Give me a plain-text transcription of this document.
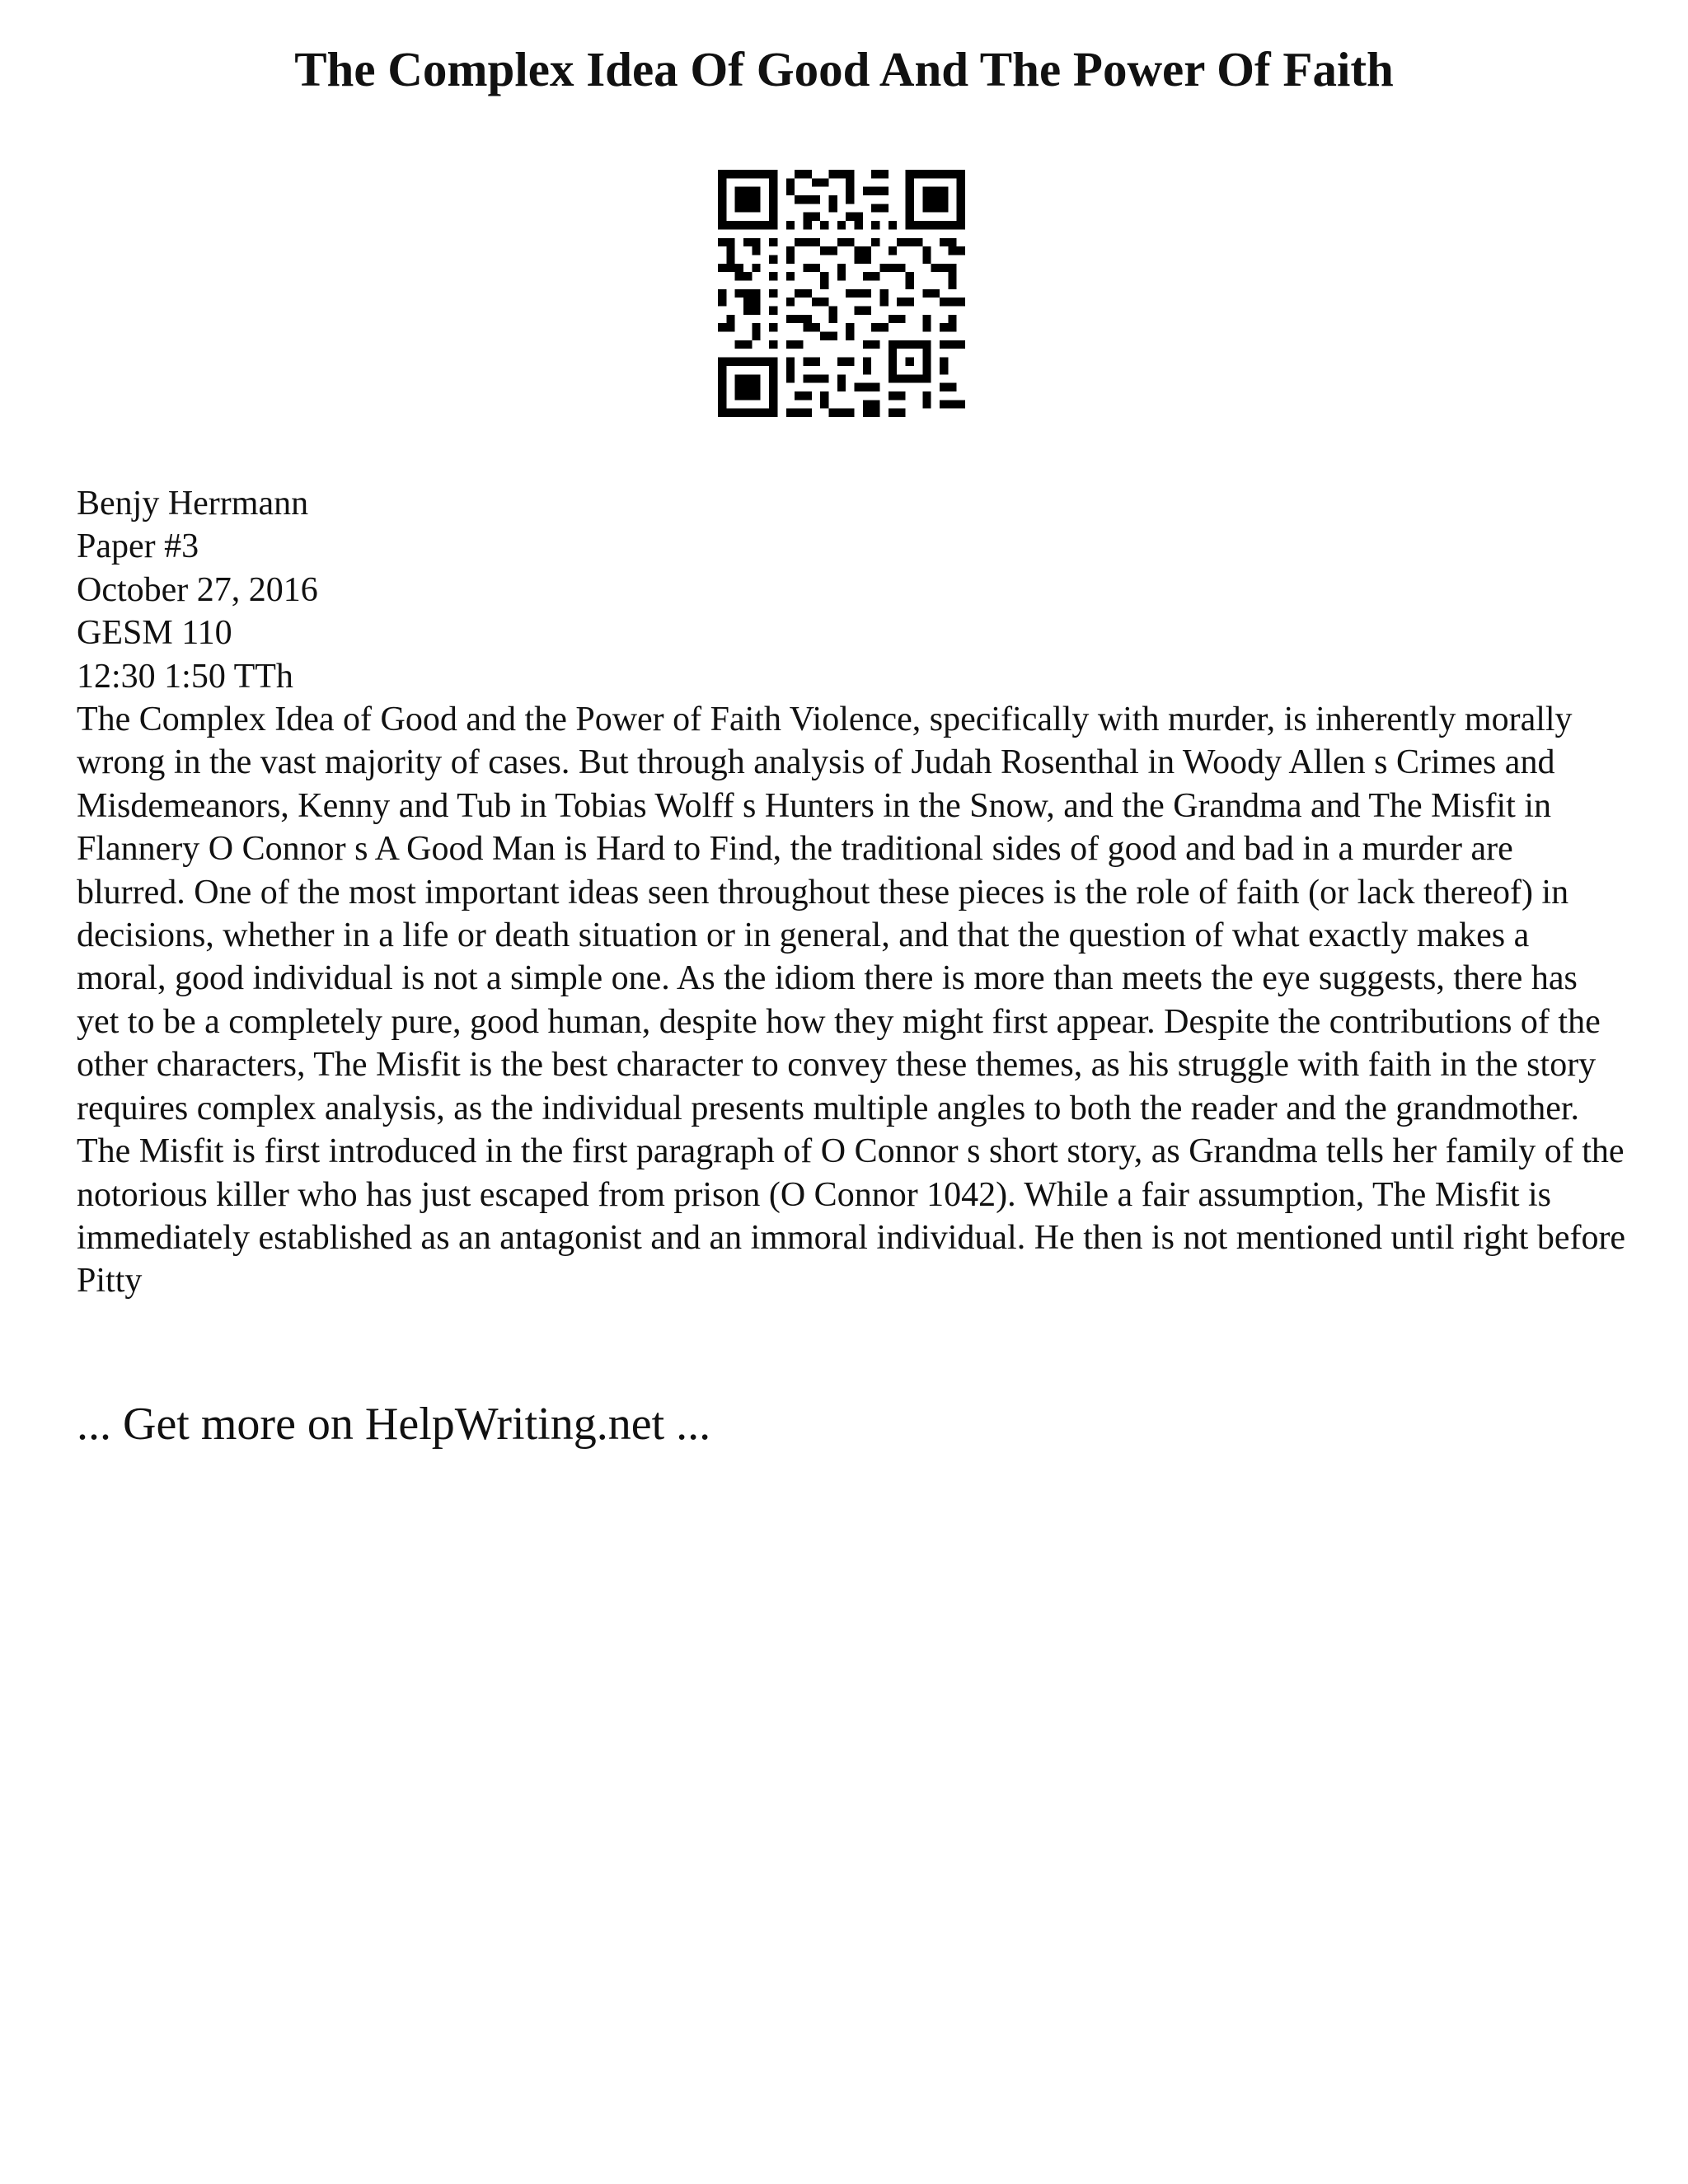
The Complex Idea Of Good And The Power Of Faith
Benjy Herrmann
Paper #3
October 27, 2016
GESM 110
12:30 1:50 TTh

The Complex Idea of Good and the Power of Faith Violence, specifically with murder, is inherently morally wrong in the vast majority of cases. But through analysis of Judah Rosenthal in Woody Allen s Crimes and Misdemeanors, Kenny and Tub in Tobias Wolff s Hunters in the Snow, and the Grandma and The Misfit in Flannery O Connor s A Good Man is Hard to Find, the traditional sides of good and bad in a murder are blurred. One of the most important ideas seen throughout these pieces is the role of faith (or lack thereof) in decisions, whether in a life or death situation or in general, and that the question of what exactly makes a moral, good individual is not a simple one. As the idiom there is more than meets the eye suggests, there has yet to be a completely pure, good human, despite how they might first appear. Despite the contributions of the other characters, The Misfit is the best character to convey these themes, as his struggle with faith in the story requires complex analysis, as the individual presents multiple angles to both the reader and the grandmother. The Misfit is first introduced in the first paragraph of O Connor s short story, as Grandma tells her family of the notorious killer who has just escaped from prison (O Connor 1042). While a fair assumption, The Misfit is immediately established as an antagonist and an immoral individual. He then is not mentioned until right before Pitty

... Get more on HelpWriting.net ...
